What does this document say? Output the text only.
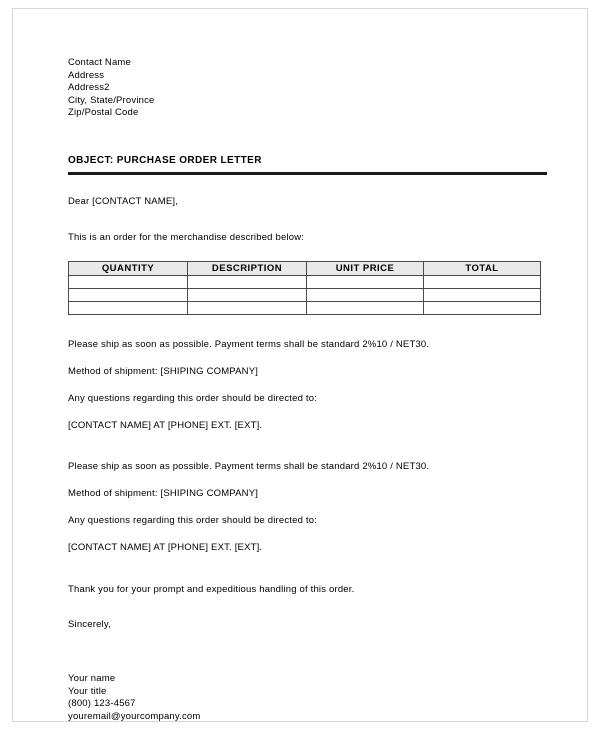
Contact Name
Address
Address2
City, State/Province
Zip/Postal Code
OBJECT: PURCHASE ORDER LETTER
Dear [CONTACT NAME],
This is an order for the merchandise described below:
QUANTITY	DESCRIPTION	UNIT PRICE	TOTAL

Please ship as soon as possible. Payment terms shall be standard 2%10 / NET30.
Method of shipment: [SHIPING COMPANY]
Any questions regarding this order should be directed to:
[CONTACT NAME] AT [PHONE] EXT. [EXT].
Please ship as soon as possible. Payment terms shall be standard 2%10 / NET30.
Method of shipment: [SHIPING COMPANY]
Any questions regarding this order should be directed to:
[CONTACT NAME] AT [PHONE] EXT. [EXT].
Thank you for your prompt and expeditious handling of this order.
Sincerely,
Your name
Your title
(800) 123-4567
youremail@yourcompany.com
